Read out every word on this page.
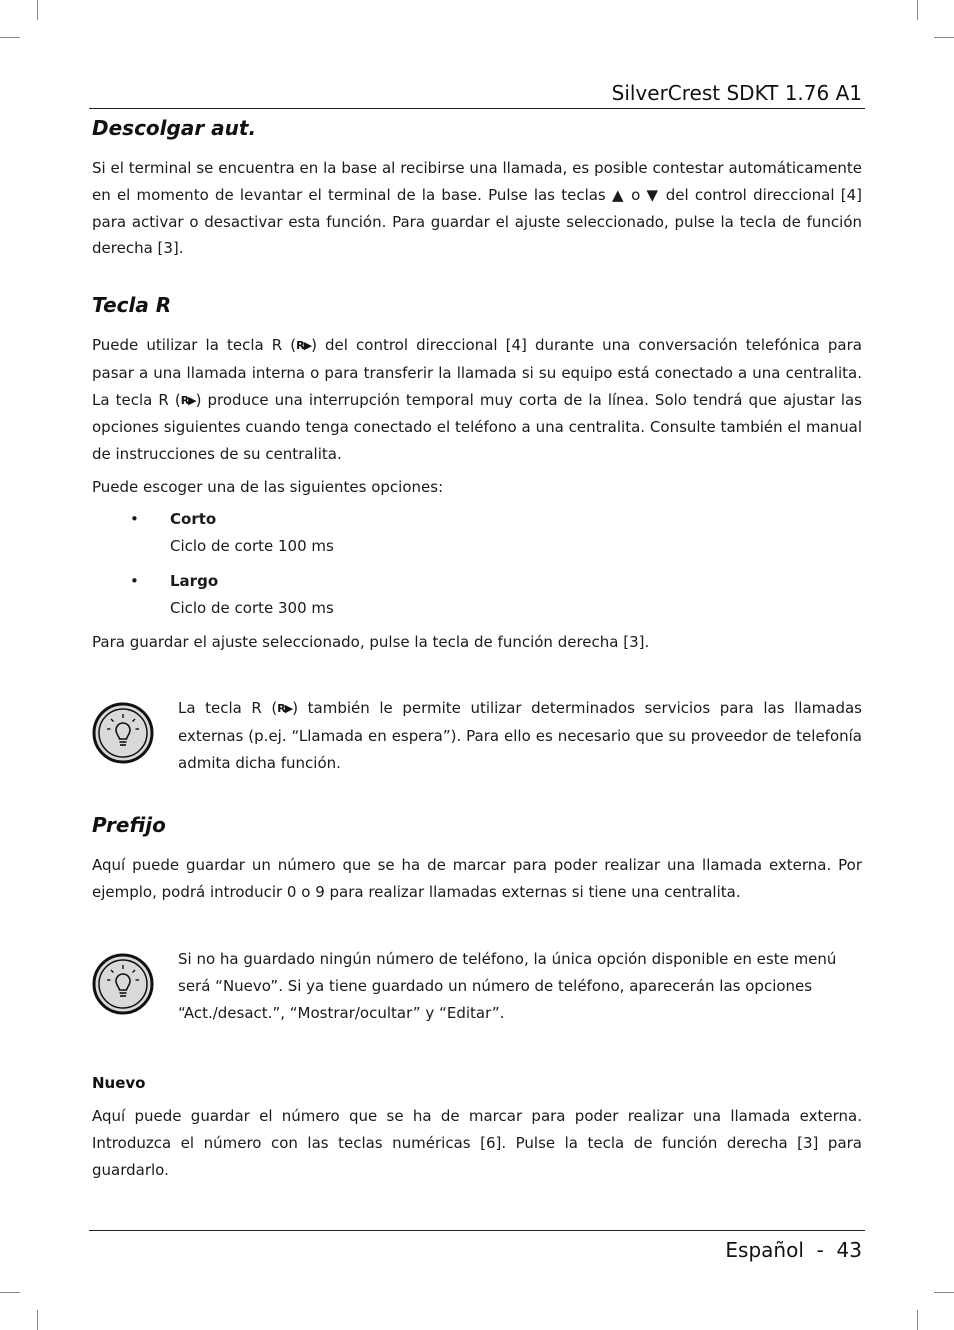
SilverCrest SDKT 1.76 A1
Descolgar aut.

Si el terminal se encuentra en la base al recibirse una llamada, es posible contestar automáticamente en el momento de levantar el terminal de la base. Pulse las teclas ▲ o ▼ del control direccional [4] para activar o desactivar esta función. Para guardar el ajuste seleccionado, pulse la tecla de función derecha [3].

Tecla R

Puede utilizar la tecla R (R▶) del control direccional [4] durante una conversación telefónica para pasar a una llamada interna o para transferir la llamada si su equipo está conectado a una centralita. La tecla R (R▶) produce una interrupción temporal muy corta de la línea. Solo tendrá que ajustar las opciones siguientes cuando tenga conectado el teléfono a una centralita. Consulte también el manual de instrucciones de su centralita.

Puede escoger una de las siguientes opciones:

• Corto
Ciclo de corte 100 ms
• Largo
Ciclo de corte 300 ms

Para guardar el ajuste seleccionado, pulse la tecla de función derecha [3].

La tecla R (R▶) también le permite utilizar determinados servicios para las llamadas externas (p.ej. “Llamada en espera”). Para ello es necesario que su proveedor de telefonía admita dicha función.

Prefijo

Aquí puede guardar un número que se ha de marcar para poder realizar una llamada externa. Por ejemplo, podrá introducir 0 o 9 para realizar llamadas externas si tiene una centralita.

Si no ha guardado ningún número de teléfono, la única opción disponible en este menú será “Nuevo”. Si ya tiene guardado un número de teléfono, aparecerán las opciones “Act./desact.”, “Mostrar/ocultar” y “Editar”.

Nuevo

Aquí puede guardar el número que se ha de marcar para poder realizar una llamada externa. Introduzca el número con las teclas numéricas [6]. Pulse la tecla de función derecha [3] para guardarlo.

Español  -  43
